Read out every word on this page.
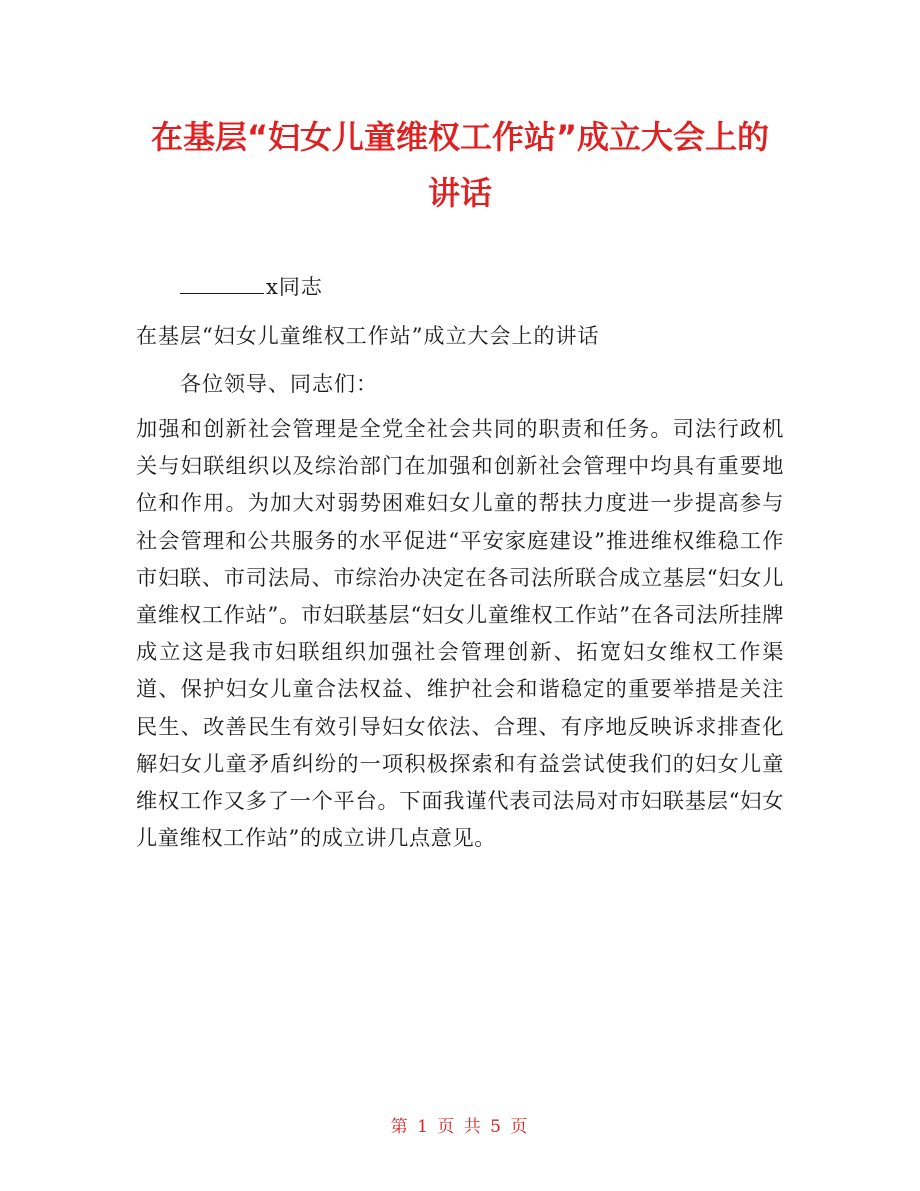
在基层“妇女儿童维权工作站”成立大会上的
讲话
x同志
在基层“妇女儿童维权工作站”成立大会上的讲话
各位领导、同志们：
加强和创新社会管理是全党全社会共同的职责和任务。司法行政机关与妇联组织以及综治部门在加强和创新社会管理中均具有重要地位和作用。为加大对弱势困难妇女儿童的帮扶力度进一步提高参与社会管理和公共服务的水平促进“平安家庭建设”推进维权维稳工作市妇联、市司法局、市综治办决定在各司法所联合成立基层“妇女儿童维权工作站”。市妇联基层“妇女儿童维权工作站”在各司法所挂牌成立这是我市妇联组织加强社会管理创新、拓宽妇女维权工作渠道、保护妇女儿童合法权益、维护社会和谐稳定的重要举措是关注民生、改善民生有效引导妇女依法、合理、有序地反映诉求排查化解妇女儿童矛盾纠纷的一项积极探索和有益尝试使我们的妇女儿童维权工作又多了一个平台。下面我谨代表司法局对市妇联基层“妇女儿童维权工作站”的成立讲几点意见。
第 1 页 共 5 页
